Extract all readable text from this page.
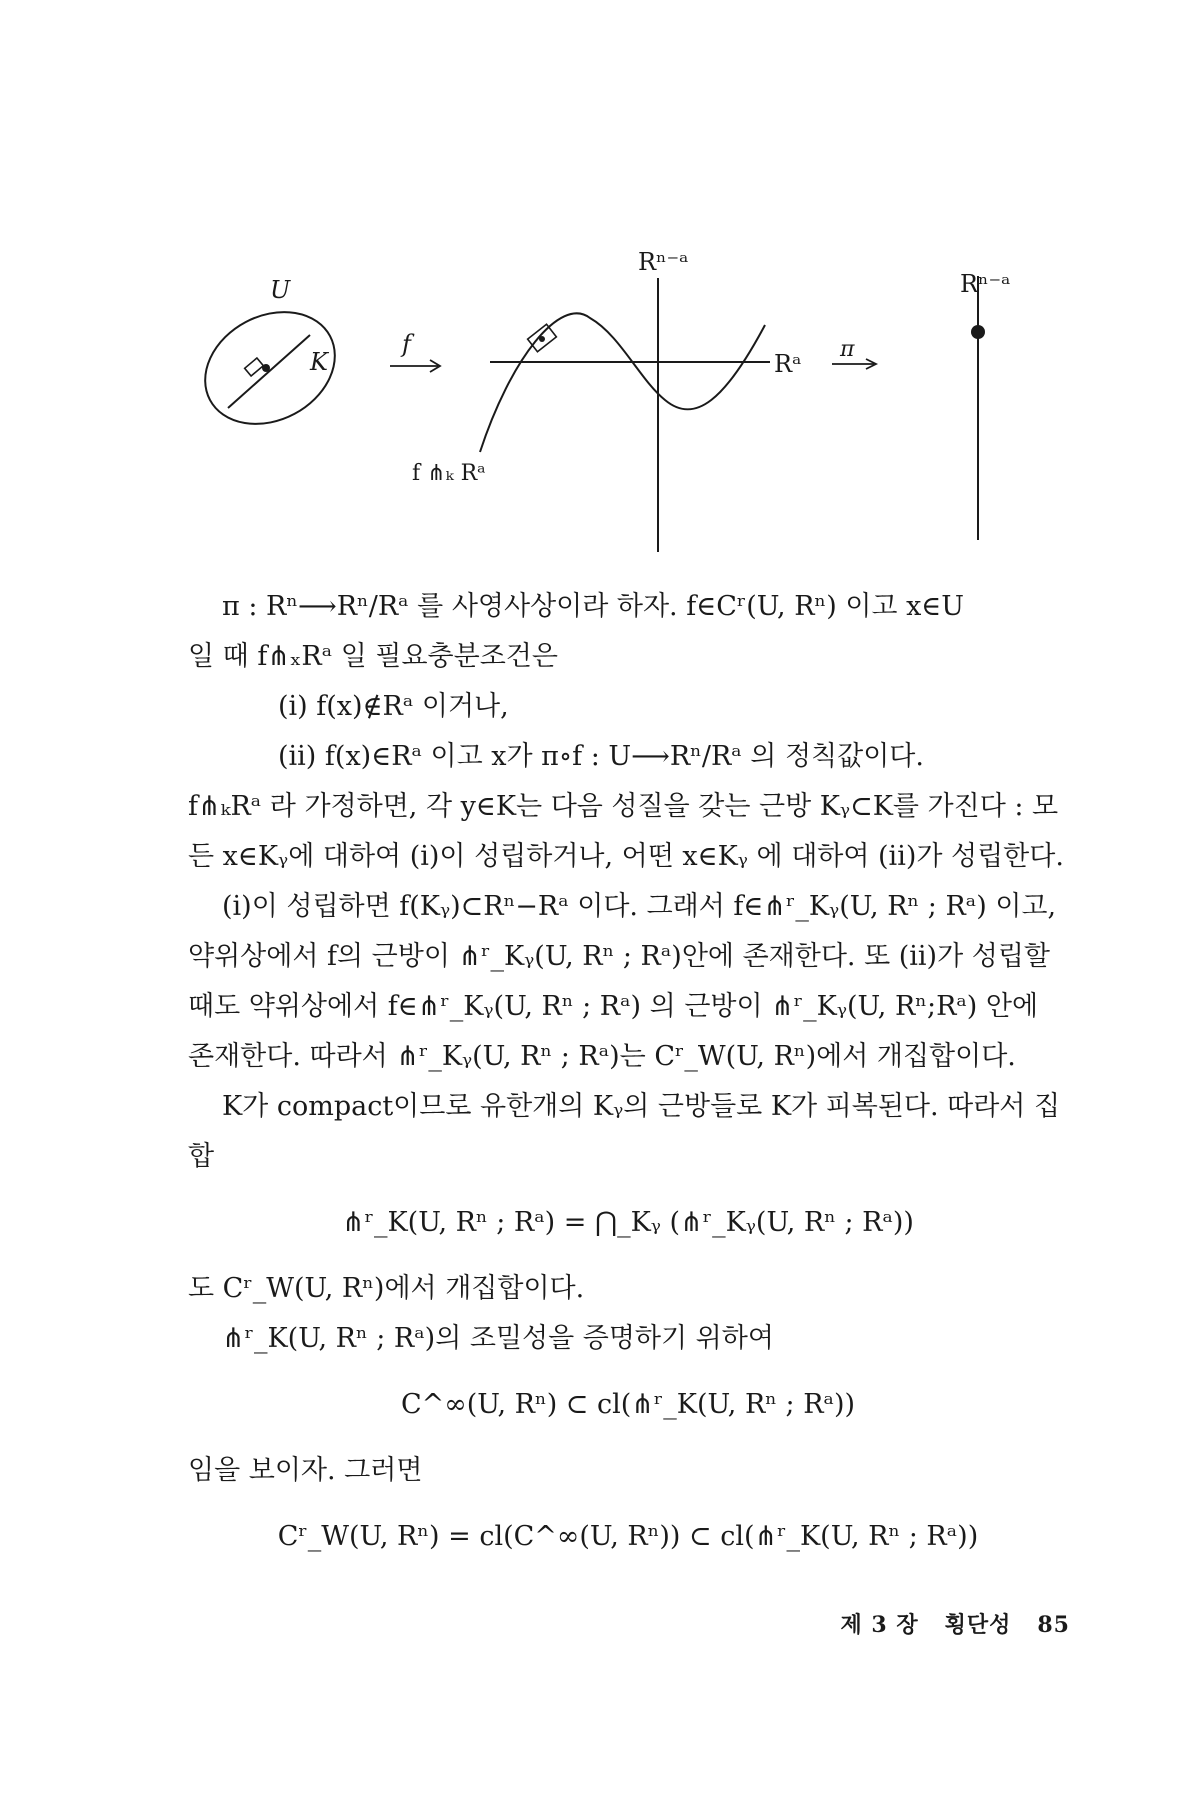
U
K
f
Rⁿ⁻ᵃ
Rᵃ
f ⋔ₖ Rᵃ
π
Rⁿ⁻ᵃ

π : Rⁿ⟶Rⁿ/Rᵃ 를 사영사상이라 하자. f∈Cʳ(U, Rⁿ) 이고 x∈U
일 때 f⋔ₓRᵃ 일 필요충분조건은

(i) f(x)∉Rᵃ 이거나,

(ii) f(x)∈Rᵃ 이고 x가 π∘f : U⟶Rⁿ/Rᵃ 의 정칙값이다.

f⋔ₖRᵃ 라 가정하면, 각 y∈K는 다음 성질을 갖는 근방 Kᵧ⊂K를 가진다 : 모든 x∈Kᵧ에 대하여 (i)이 성립하거나, 어떤 x∈Kᵧ 에 대하여 (ii)가 성립한다.

(i)이 성립하면 f(Kᵧ)⊂Rⁿ−Rᵃ 이다. 그래서 f∈⋔ʳ_Kᵧ(U, Rⁿ ; Rᵃ) 이고, 약위상에서 f의 근방이 ⋔ʳ_Kᵧ(U, Rⁿ ; Rᵃ)안에 존재한다. 또 (ii)가 성립할 때도 약위상에서 f∈⋔ʳ_Kᵧ(U, Rⁿ ; Rᵃ) 의 근방이 ⋔ʳ_Kᵧ(U, Rⁿ;Rᵃ) 안에 존재한다. 따라서 ⋔ʳ_Kᵧ(U, Rⁿ ; Rᵃ)는 Cʳ_W(U, Rⁿ)에서 개집합이다.

K가 compact이므로 유한개의 Kᵧ의 근방들로 K가 피복된다. 따라서 집합

⋔ʳ_K(U, Rⁿ ; Rᵃ) = ⋂_Kᵧ (⋔ʳ_Kᵧ(U, Rⁿ ; Rᵃ))

도 Cʳ_W(U, Rⁿ)에서 개집합이다.

⋔ʳ_K(U, Rⁿ ; Rᵃ)의 조밀성을 증명하기 위하여

C^∞(U, Rⁿ) ⊂ cl(⋔ʳ_K(U, Rⁿ ; Rᵃ))

임을 보이자. 그러면

Cʳ_W(U, Rⁿ) = cl(C^∞(U, Rⁿ)) ⊂ cl(⋔ʳ_K(U, Rⁿ ; Rᵃ))

제 3 장 횡단성 85
